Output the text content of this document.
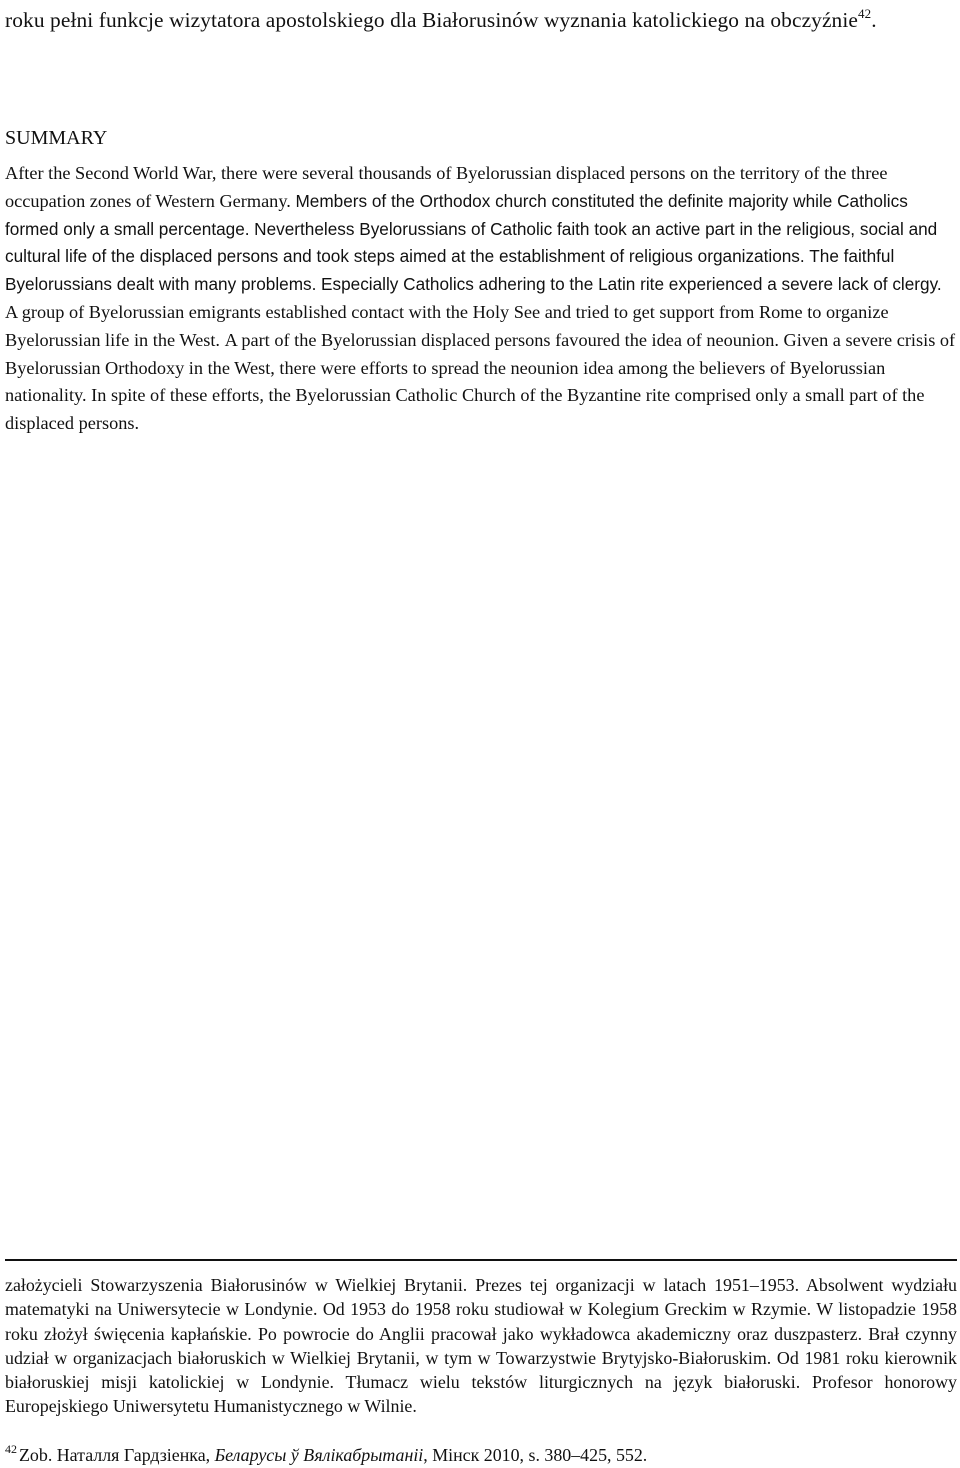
roku pełni funkcje wizytatora apostolskiego dla Białorusinów wyznania katolickiego na obczyźnie$^{42}$.

SUMMARY

After the Second World War, there were several thousands of Byelorussian displaced persons on the territory of the three occupation zones of Western Germany. Members of the Orthodox church constituted the definite majority while Catholics formed only a small percentage. Nevertheless Byelorussians of Catholic faith took an active part in the religious, social and cultural life of the displaced persons and took steps aimed at the establishment of religious organizations. The faithful Byelorussians dealt with many problems. Especially Catholics adhering to the Latin rite experienced a severe lack of clergy. A group of Byelorussian emigrants established contact with the Holy See and tried to get support from Rome to organize Byelorussian life in the West. A part of the Byelorussian displaced persons favoured the idea of neounion. Given a severe crisis of Byelorussian Orthodoxy in the West, there were efforts to spread the neounion idea among the believers of Byelorussian nationality. In spite of these efforts, the Byelorussian Catholic Church of the Byzantine rite comprised only a small part of the displaced persons.

założycieli Stowarzyszenia Białorusinów w Wielkiej Brytanii. Prezes tej organizacji w latach 1951–1953. Absolwent wydziału matematyki na Uniwersytecie w Londynie. Od 1953 do 1958 roku studiował w Kolegium Greckim w Rzymie. W listopadzie 1958 roku złożył święcenia kapłańskie. Po powrocie do Anglii pracował jako wykładowca akademiczny oraz duszpasterz. Brał czynny udział w organizacjach białoruskich w Wielkiej Brytanii, w tym w Towarzystwie Brytyjsko-Białoruskim. Od 1981 roku kierownik białoruskiej misji katolickiej w Londynie. Tłumacz wielu tekstów liturgicznych na język białoruski. Profesor honorowy Europejskiego Uniwersytetu Humanistycznego w Wilnie.

$^{42}$ Zob. Наталля Гардзіенка, Беларусы ў Вялікабрытаніі, Мінск 2010, s. 380–425, 552.
